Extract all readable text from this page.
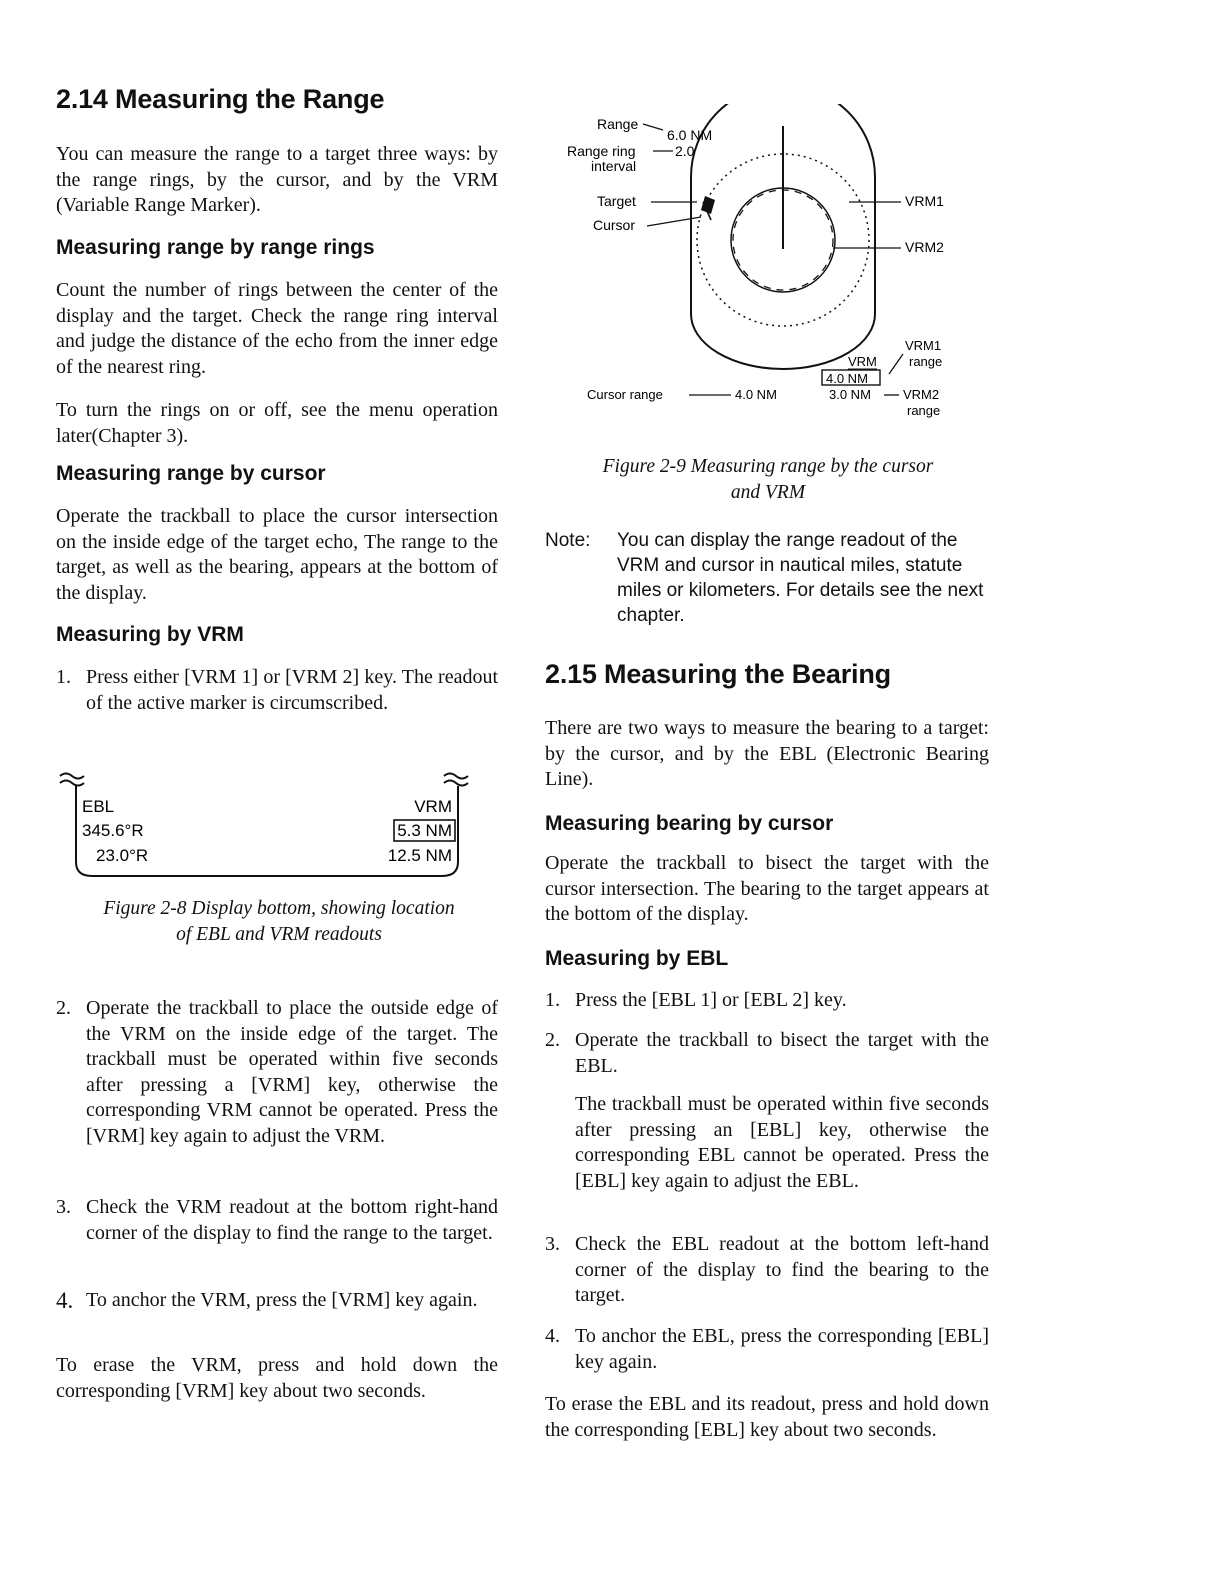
2.14 Measuring the Range

You can measure the range to a target three ways: by the range rings, by the cursor, and by the VRM (Variable Range Marker).

Measuring range by range rings

Count the number of rings between the center of the display and the target. Check the range ring interval and judge the distance of the echo from the inner edge of the nearest ring.

To turn the rings on or off, see the menu operation later(Chapter 3).

Measuring range by cursor

Operate the trackball to place the cursor intersection on the inside edge of the target echo, The range to the target, as well as the bearing, appears at the bottom of the display.

Measuring by VRM
1. Press either [VRM 1] or [VRM 2] key. The readout of the active marker is circumscribed.
EBL
345.6°R
23.0°R
VRM
5.3 NM
12.5 NM
Figure 2-8 Display bottom, showing location
of EBL and VRM readouts
2. Operate the trackball to place the outside edge of the VRM on the inside edge of the target. The trackball must be operated within five seconds after pressing a [VRM] key, otherwise the corresponding VRM cannot be operated. Press the [VRM] key again to adjust the VRM.
3. Check the VRM readout at the bottom right-hand corner of the display to find the range to the target.
4. To anchor the VRM, press the [VRM] key again.

To erase the VRM, press and hold down the corresponding [VRM] key about two seconds.

Range
6.0 NM
Range ring
interval
2.0
Target
Cursor
VRM1
VRM2
VRM1
range
VRM
4.0 NM
3.0 NM VRM2
range
Cursor range	4.0 NM
Figure 2-9 Measuring range by the cursor
and VRM
Note:	You can display the range readout of the VRM and cursor in nautical miles, statute miles or kilometers. For details see the next chapter.
2.15 Measuring the Bearing

There are two ways to measure the bearing to a target: by the cursor, and by the EBL (Electronic Bearing Line).

Measuring bearing by cursor

Operate the trackball to bisect the target with the cursor intersection. The bearing to the target appears at the bottom of the display.

Measuring by EBL
1. Press the [EBL 1] or [EBL 2] key.
2. Operate the trackball to bisect the target with the EBL.
The trackball must be operated within five seconds after pressing an [EBL] key, otherwise the corresponding EBL cannot be operated. Press the [EBL] key again to adjust the EBL.
3. Check the EBL readout at the bottom left-hand corner of the display to find the bearing to the target.
4. To anchor the EBL, press the corresponding [EBL] key again.

To erase the EBL and its readout, press and hold down the corresponding [EBL] key about two seconds.
